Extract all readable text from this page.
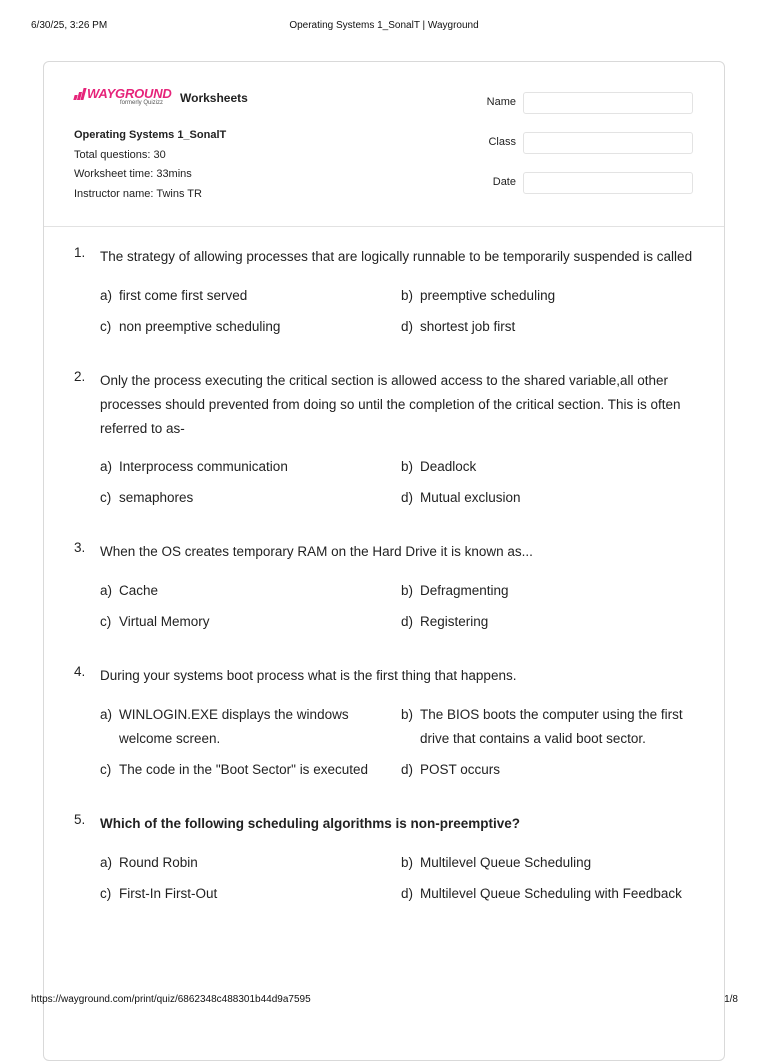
6/30/25, 3:26 PM	Operating Systems 1_SonalT | Wayground
WAYGROUND
formerly Quizizz	Worksheets
Operating Systems 1_SonalT
Total questions: 30
Worksheet time: 33mins
Instructor name: Twins TR
Name
Class
Date
1. The strategy of allowing processes that are logically runnable to be temporarily suspended is called
a) first come first served	b) preemptive scheduling
c) non preemptive scheduling	d) shortest job first
2. Only the process executing the critical section is allowed access to the shared variable,all other processes should prevented from doing so until the completion of the critical section. This is often referred to as-
a) Interprocess communication	b) Deadlock
c) semaphores	d) Mutual exclusion
3. When the OS creates temporary RAM on the Hard Drive it is known as...
a) Cache	b) Defragmenting
c) Virtual Memory	d) Registering
4. During your systems boot process what is the first thing that happens.
a) WINLOGIN.EXE displays the windows welcome screen.
b) The BIOS boots the computer using the first drive that contains a valid boot sector.
c) The code in the "Boot Sector" is executed d) POST occurs
5. Which of the following scheduling algorithms is non-preemptive?
a) Round Robin	b) Multilevel Queue Scheduling
c) First-In First-Out	d) Multilevel Queue Scheduling with Feedback
https://wayground.com/print/quiz/6862348c488301b44d9a7595	1/8
